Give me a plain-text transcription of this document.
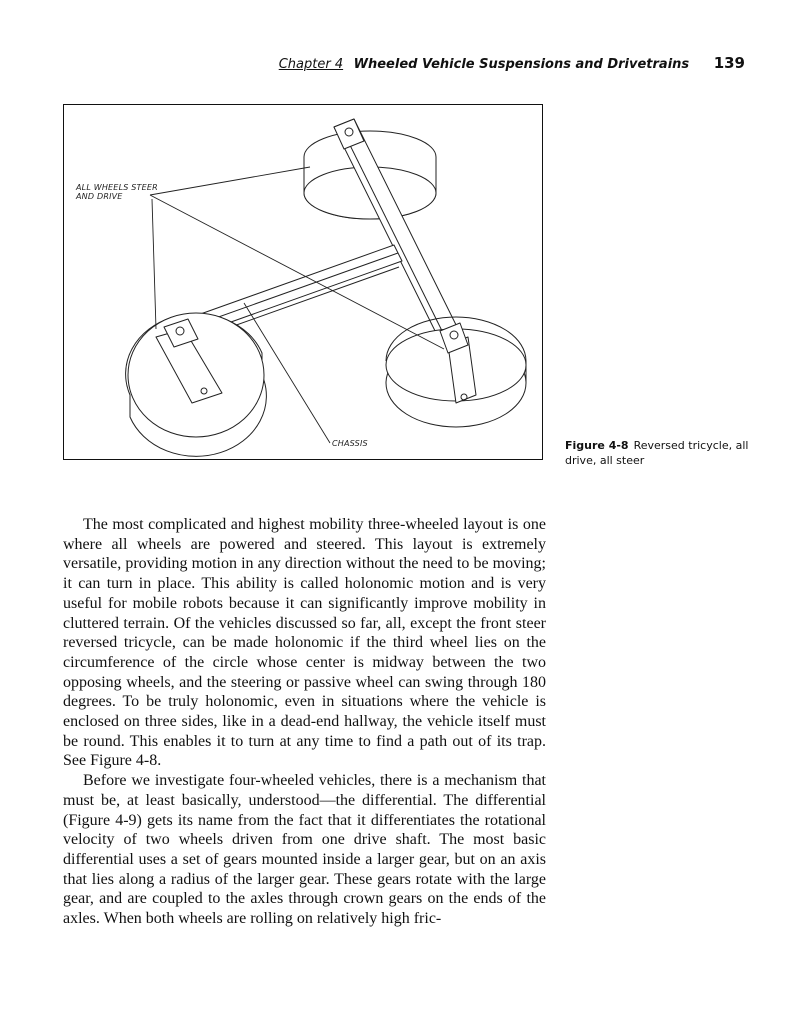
Chapter 4 Wheeled Vehicle Suspensions and Drivetrains 139
ALL WHEELS STEER
AND DRIVE
CHASSIS	Figure 4-8 Reversed tricycle, all drive, all steer

The most complicated and highest mobility three-wheeled layout is one where all wheels are powered and steered. This layout is extremely versatile, providing motion in any direction without the need to be moving; it can turn in place. This ability is called holonomic motion and is very useful for mobile robots because it can significantly improve mobility in cluttered terrain. Of the vehicles discussed so far, all, except the front steer reversed tricycle, can be made holonomic if the third wheel lies on the circumference of the circle whose center is midway between the two opposing wheels, and the steering or passive wheel can swing through 180 degrees. To be truly holonomic, even in situations where the vehicle is enclosed on three sides, like in a dead-end hallway, the vehicle itself must be round. This enables it to turn at any time to find a path out of its trap. See Figure 4-8.

Before we investigate four-wheeled vehicles, there is a mechanism that must be, at least basically, understood—the differential. The differential (Figure 4-9) gets its name from the fact that it differentiates the rotational velocity of two wheels driven from one drive shaft. The most basic differential uses a set of gears mounted inside a larger gear, but on an axis that lies along a radius of the larger gear. These gears rotate with the large gear, and are coupled to the axles through crown gears on the ends of the axles. When both wheels are rolling on relatively high fric-
